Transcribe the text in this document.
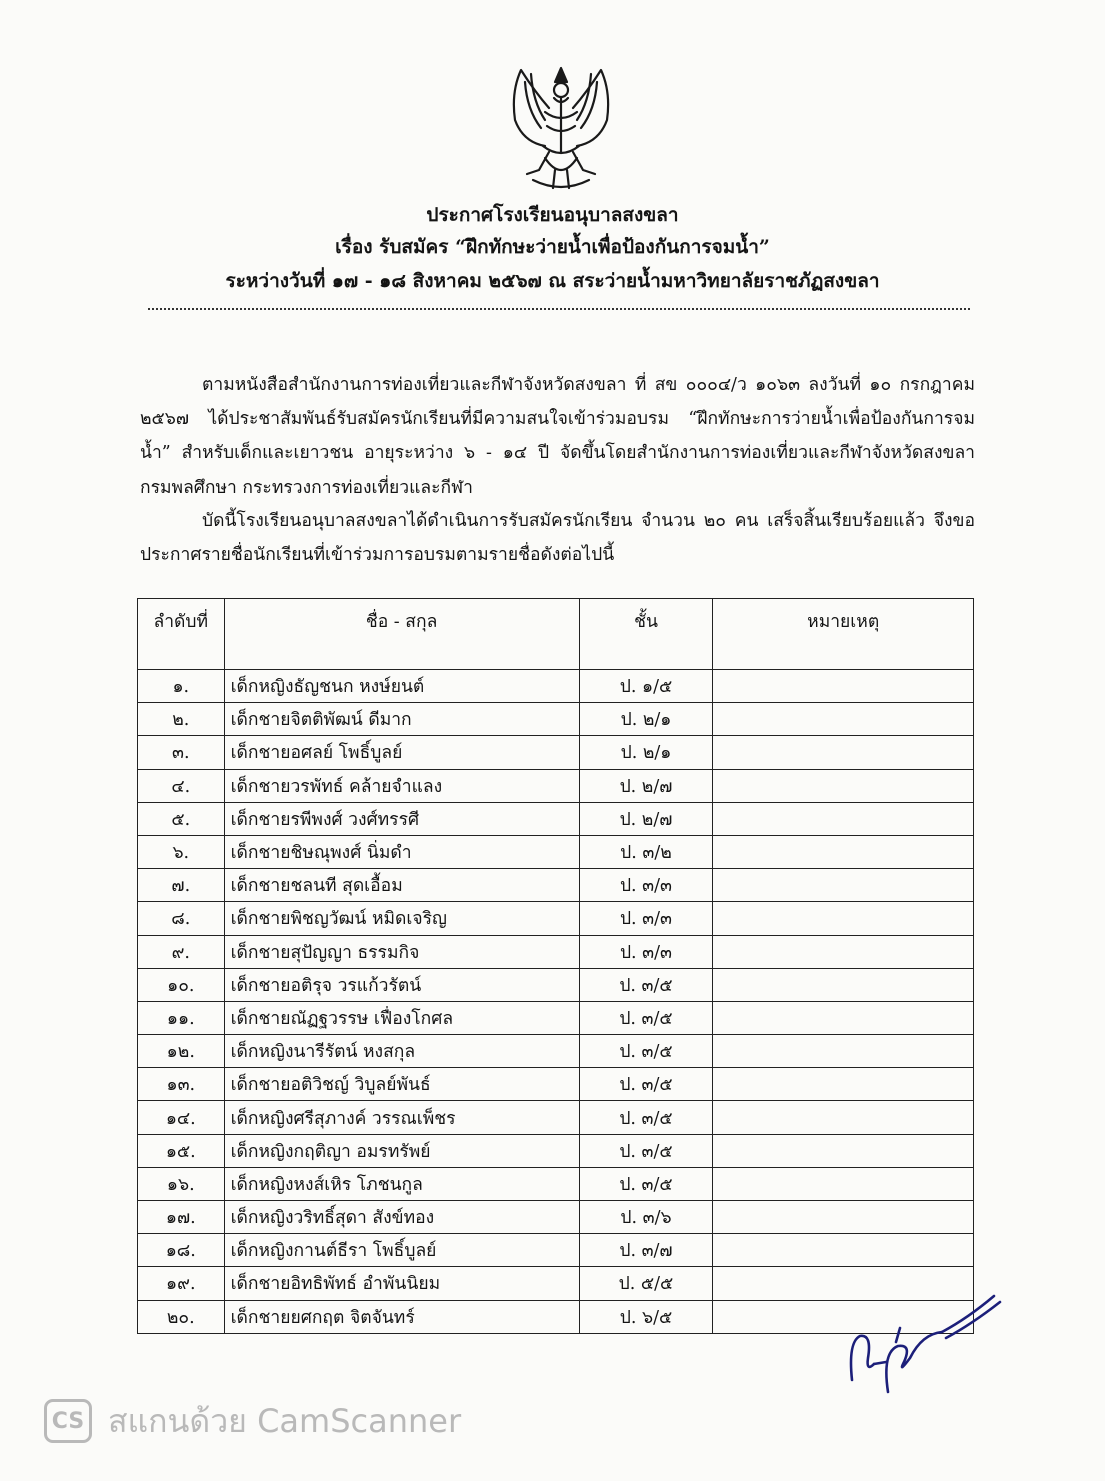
ประกาศโรงเรียนอนุบาลสงขลา
เรื่อง รับสมัคร “ฝึกทักษะว่ายน้ำเพื่อป้องกันการจมน้ำ”
ระหว่างวันที่ ๑๗ - ๑๘ สิงหาคม ๒๕๖๗ ณ สระว่ายน้ำมหาวิทยาลัยราชภัฏสงขลา
ตามหนังสือสำนักงานการท่องเที่ยวและกีฬาจังหวัดสงขลา ที่ สข ๐๐๐๔/ว ๑๐๖๓ ลงวันที่ ๑๐ กรกฎาคม ๒๕๖๗ ได้ประชาสัมพันธ์รับสมัครนักเรียนที่มีความสนใจเข้าร่วมอบรม “ฝึกทักษะการว่ายน้ำเพื่อป้องกันการจมน้ำ” สำหรับเด็กและเยาวชน อายุระหว่าง ๖ - ๑๔ ปี จัดขึ้นโดยสำนักงานการท่องเที่ยวและกีฬาจังหวัดสงขลา กรมพลศึกษา กระทรวงการท่องเที่ยวและกีฬา
บัดนี้โรงเรียนอนุบาลสงขลาได้ดำเนินการรับสมัครนักเรียน จำนวน ๒๐ คน เสร็จสิ้นเรียบร้อยแล้ว จึงขอประกาศรายชื่อนักเรียนที่เข้าร่วมการอบรมตามรายชื่อดังต่อไปนี้
ลำดับที่	ชื่อ - สกุล	ชั้น	หมายเหตุ
๑.	เด็กหญิงธัญชนก หงษ์ยนต์	ป. ๑/๕	
๒.	เด็กชายจิตติพัฒน์ ดีมาก	ป. ๒/๑	
๓.	เด็กชายอศลย์ โพธิ์บูลย์	ป. ๒/๑	
๔.	เด็กชายวรพัทธ์ คล้ายจำแลง	ป. ๒/๗	
๕.	เด็กชายรพีพงศ์ วงศ์ทรรศี	ป. ๒/๗	
๖.	เด็กชายชิษณุพงศ์ นิ่มดำ	ป. ๓/๒	
๗.	เด็กชายชลนที สุดเอื้อม	ป. ๓/๓	
๘.	เด็กชายพิชญวัฒน์ หมิดเจริญ	ป. ๓/๓	
๙.	เด็กชายสุปัญญา ธรรมกิจ	ป. ๓/๓	
๑๐.	เด็กชายอติรุจ วรแก้วรัตน์	ป. ๓/๕	
๑๑.	เด็กชายณัฏฐวรรษ เฟื่องโกศล	ป. ๓/๕	
๑๒.	เด็กหญิงนารีรัตน์ หงสกุล	ป. ๓/๕	
๑๓.	เด็กชายอติวิชญ์ วิบูลย์พันธ์	ป. ๓/๕	
๑๔.	เด็กหญิงศรีสุภางค์ วรรณเพ็ชร	ป. ๓/๕	
๑๕.	เด็กหญิงกฤติญา อมรทรัพย์	ป. ๓/๕	
๑๖.	เด็กหญิงหงส์เหิร โภชนกูล	ป. ๓/๕	
๑๗.	เด็กหญิงวริทธิ์สุดา สังข์ทอง	ป. ๓/๖	
๑๘.	เด็กหญิงกานต์ธีรา โพธิ์บูลย์	ป. ๓/๗	
๑๙.	เด็กชายอิทธิพัทธ์ อำพันนิยม	ป. ๕/๕	
๒๐.	เด็กชายยศกฤต จิตจันทร์	ป. ๖/๕	
CS สแกนด้วย CamScanner
